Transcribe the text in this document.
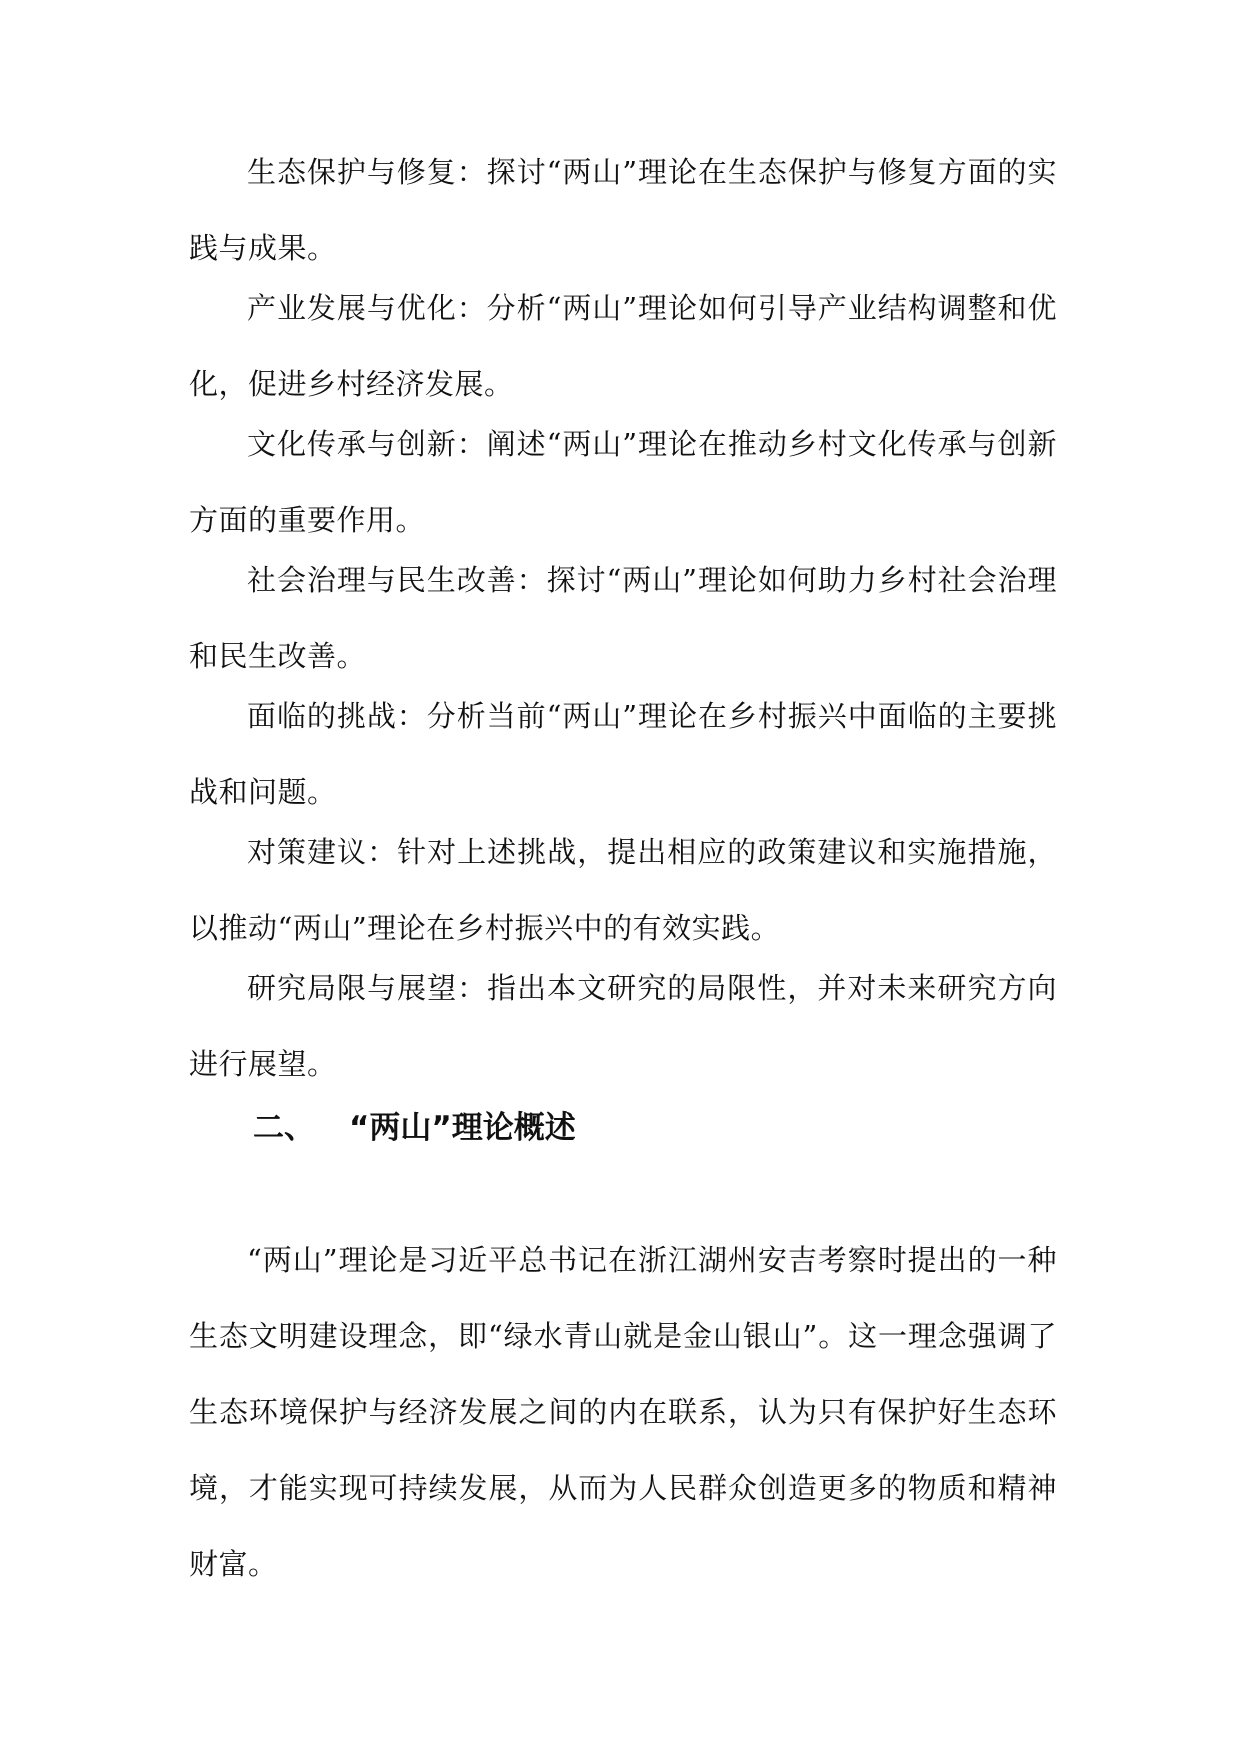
生态保护与修复：探讨“两山”理论在生态保护与修复方面的实践与成果。

产业发展与优化：分析“两山”理论如何引导产业结构调整和优化，促进乡村经济发展。

文化传承与创新：阐述“两山”理论在推动乡村文化传承与创新方面的重要作用。

社会治理与民生改善：探讨“两山”理论如何助力乡村社会治理和民生改善。

面临的挑战：分析当前“两山”理论在乡村振兴中面临的主要挑战和问题。

对策建议：针对上述挑战，提出相应的政策建议和实施措施，以推动“两山”理论在乡村振兴中的有效实践。

研究局限与展望：指出本文研究的局限性，并对未来研究方向进行展望。

二、 “两山”理论概述

“两山”理论是习近平总书记在浙江湖州安吉考察时提出的一种生态文明建设理念，即“绿水青山就是金山银山”。这一理念强调了生态环境保护与经济发展之间的内在联系，认为只有保护好生态环境，才能实现可持续发展，从而为人民群众创造更多的物质和精神财富。
